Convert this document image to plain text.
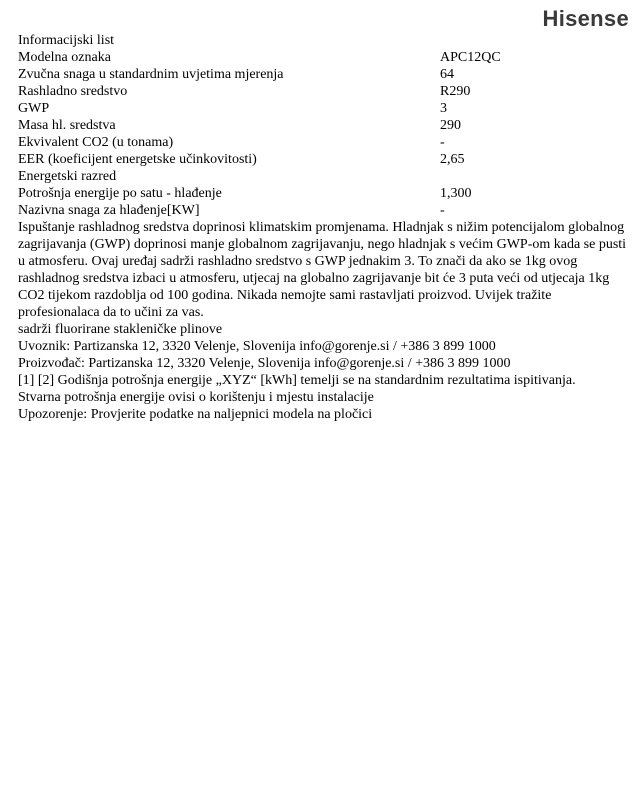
Hisense
Informacijski list
Modelna oznaka	APC12QC
Zvučna snaga u standardnim uvjetima mjerenja	64
Rashladno sredstvo	R290
GWP	3
Masa hl. sredstva	290
Ekvivalent CO2 (u tonama)	-
EER (koeficijent energetske učinkovitosti)	2,65
Energetski razred
Potrošnja energije po satu - hlađenje	1,300
Nazivna snaga za hlađenje[KW]	-

Ispuštanje rashladnog sredstva doprinosi klimatskim promjenama. Hladnjak s nižim potencijalom globalnog zagrijavanja (GWP) doprinosi manje globalnom zagrijavanju, nego hladnjak s većim GWP-om kada se pusti u atmosferu. Ovaj uređaj sadrži rashladno sredstvo s GWP jednakim 3. To znači da ako se 1kg ovog rashladnog sredstva izbaci u atmosferu, utjecaj na globalno zagrijavanje bit će 3 puta veći od utjecaja 1kg CO2 tijekom razdoblja od 100 godina. Nikada nemojte sami rastavljati proizvod. Uvijek tražite profesionalaca da to učini za vas.

sadrži fluorirane stakleničke plinove
Uvoznik: Partizanska 12, 3320 Velenje, Slovenija info@gorenje.si / +386 3 899 1000
Proizvođač: Partizanska 12, 3320 Velenje, Slovenija info@gorenje.si / +386 3 899 1000
[1] [2] Godišnja potrošnja energije „XYZ“ [kWh] temelji se na standardnim rezultatima ispitivanja.
Stvarna potrošnja energije ovisi o korištenju i mjestu instalacije
Upozorenje: Provjerite podatke na naljepnici modela na pločici
